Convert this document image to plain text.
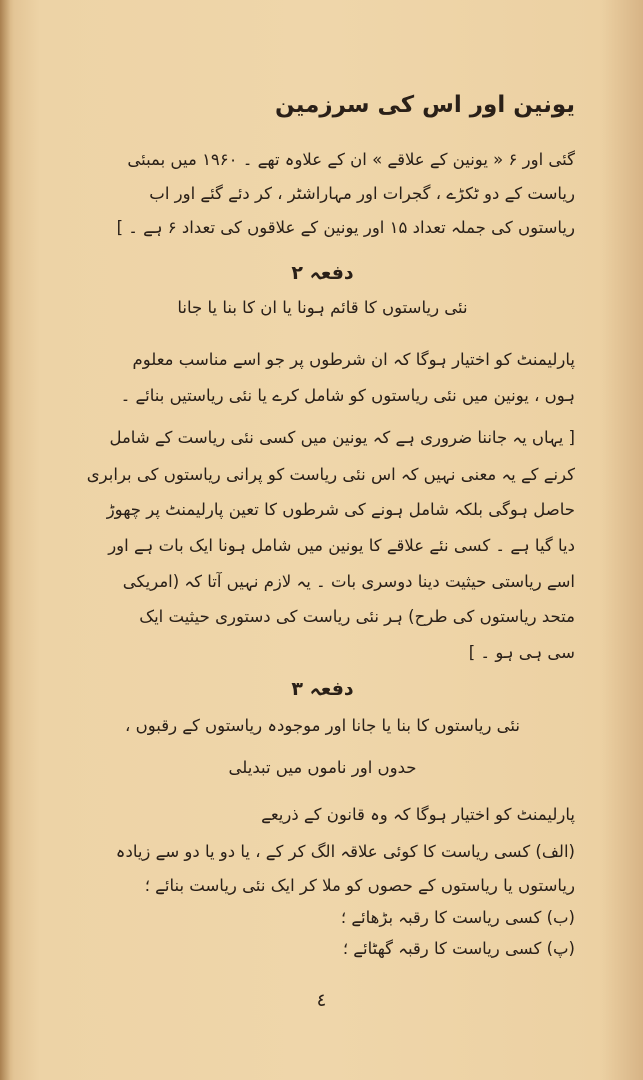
یونین اور اس کی سرزمین
گئی اور ۶ « یونین کے علاقے » ان کے علاوہ تھے ۔ ۱۹۶۰ میں بمبئی
ریاست کے دو ٹکڑے ، گجرات اور مہاراشٹر ، کر دئے گئے اور اب
ریاستوں کی جملہ تعداد ۱۵ اور یونین کے علاقوں کی تعداد ۶ ہے ۔ ]
دفعہ ۲
نئی ریاستوں کا قائم ہونا یا ان کا بنا یا جانا
پارلیمنٹ کو اختیار ہوگا کہ ان شرطوں پر جو اسے مناسب معلوم
ہوں ، یونین میں نئی ریاستوں کو شامل کرے یا نئی ریاستیں بنائے ۔
[ یہاں یہ جاننا ضروری ہے کہ یونین میں کسی نئی ریاست کے شامل
کرنے کے یہ معنی نہیں کہ اس نئی ریاست کو پرانی ریاستوں کی برابری
حاصل ہوگی بلکہ شامل ہونے کی شرطوں کا تعین پارلیمنٹ پر چھوڑ
دیا گیا ہے ۔ کسی نئے علاقے کا یونین میں شامل ہونا ایک بات ہے اور
اسے ریاستی حیثیت دینا دوسری بات ۔ یہ لازم نہیں آتا کہ (امریکی
متحد ریاستوں کی طرح) ہر نئی ریاست کی دستوری حیثیت ایک
سی ہی ہو ۔ ]
دفعہ ۳
نئی ریاستوں کا بنا یا جانا اور موجودہ ریاستوں کے رقبوں ،
حدوں اور ناموں میں تبدیلی
پارلیمنٹ کو اختیار ہوگا کہ وہ قانون کے ذریعے
(الف) کسی ریاست کا کوئی علاقہ الگ کر کے ، یا دو یا دو سے زیادہ
ریاستوں یا ریاستوں کے حصوں کو ملا کر ایک نئی ریاست بنائے ؛
(ب) کسی ریاست کا رقبہ بڑھائے ؛
(پ) کسی ریاست کا رقبہ گھٹائے ؛
٤
